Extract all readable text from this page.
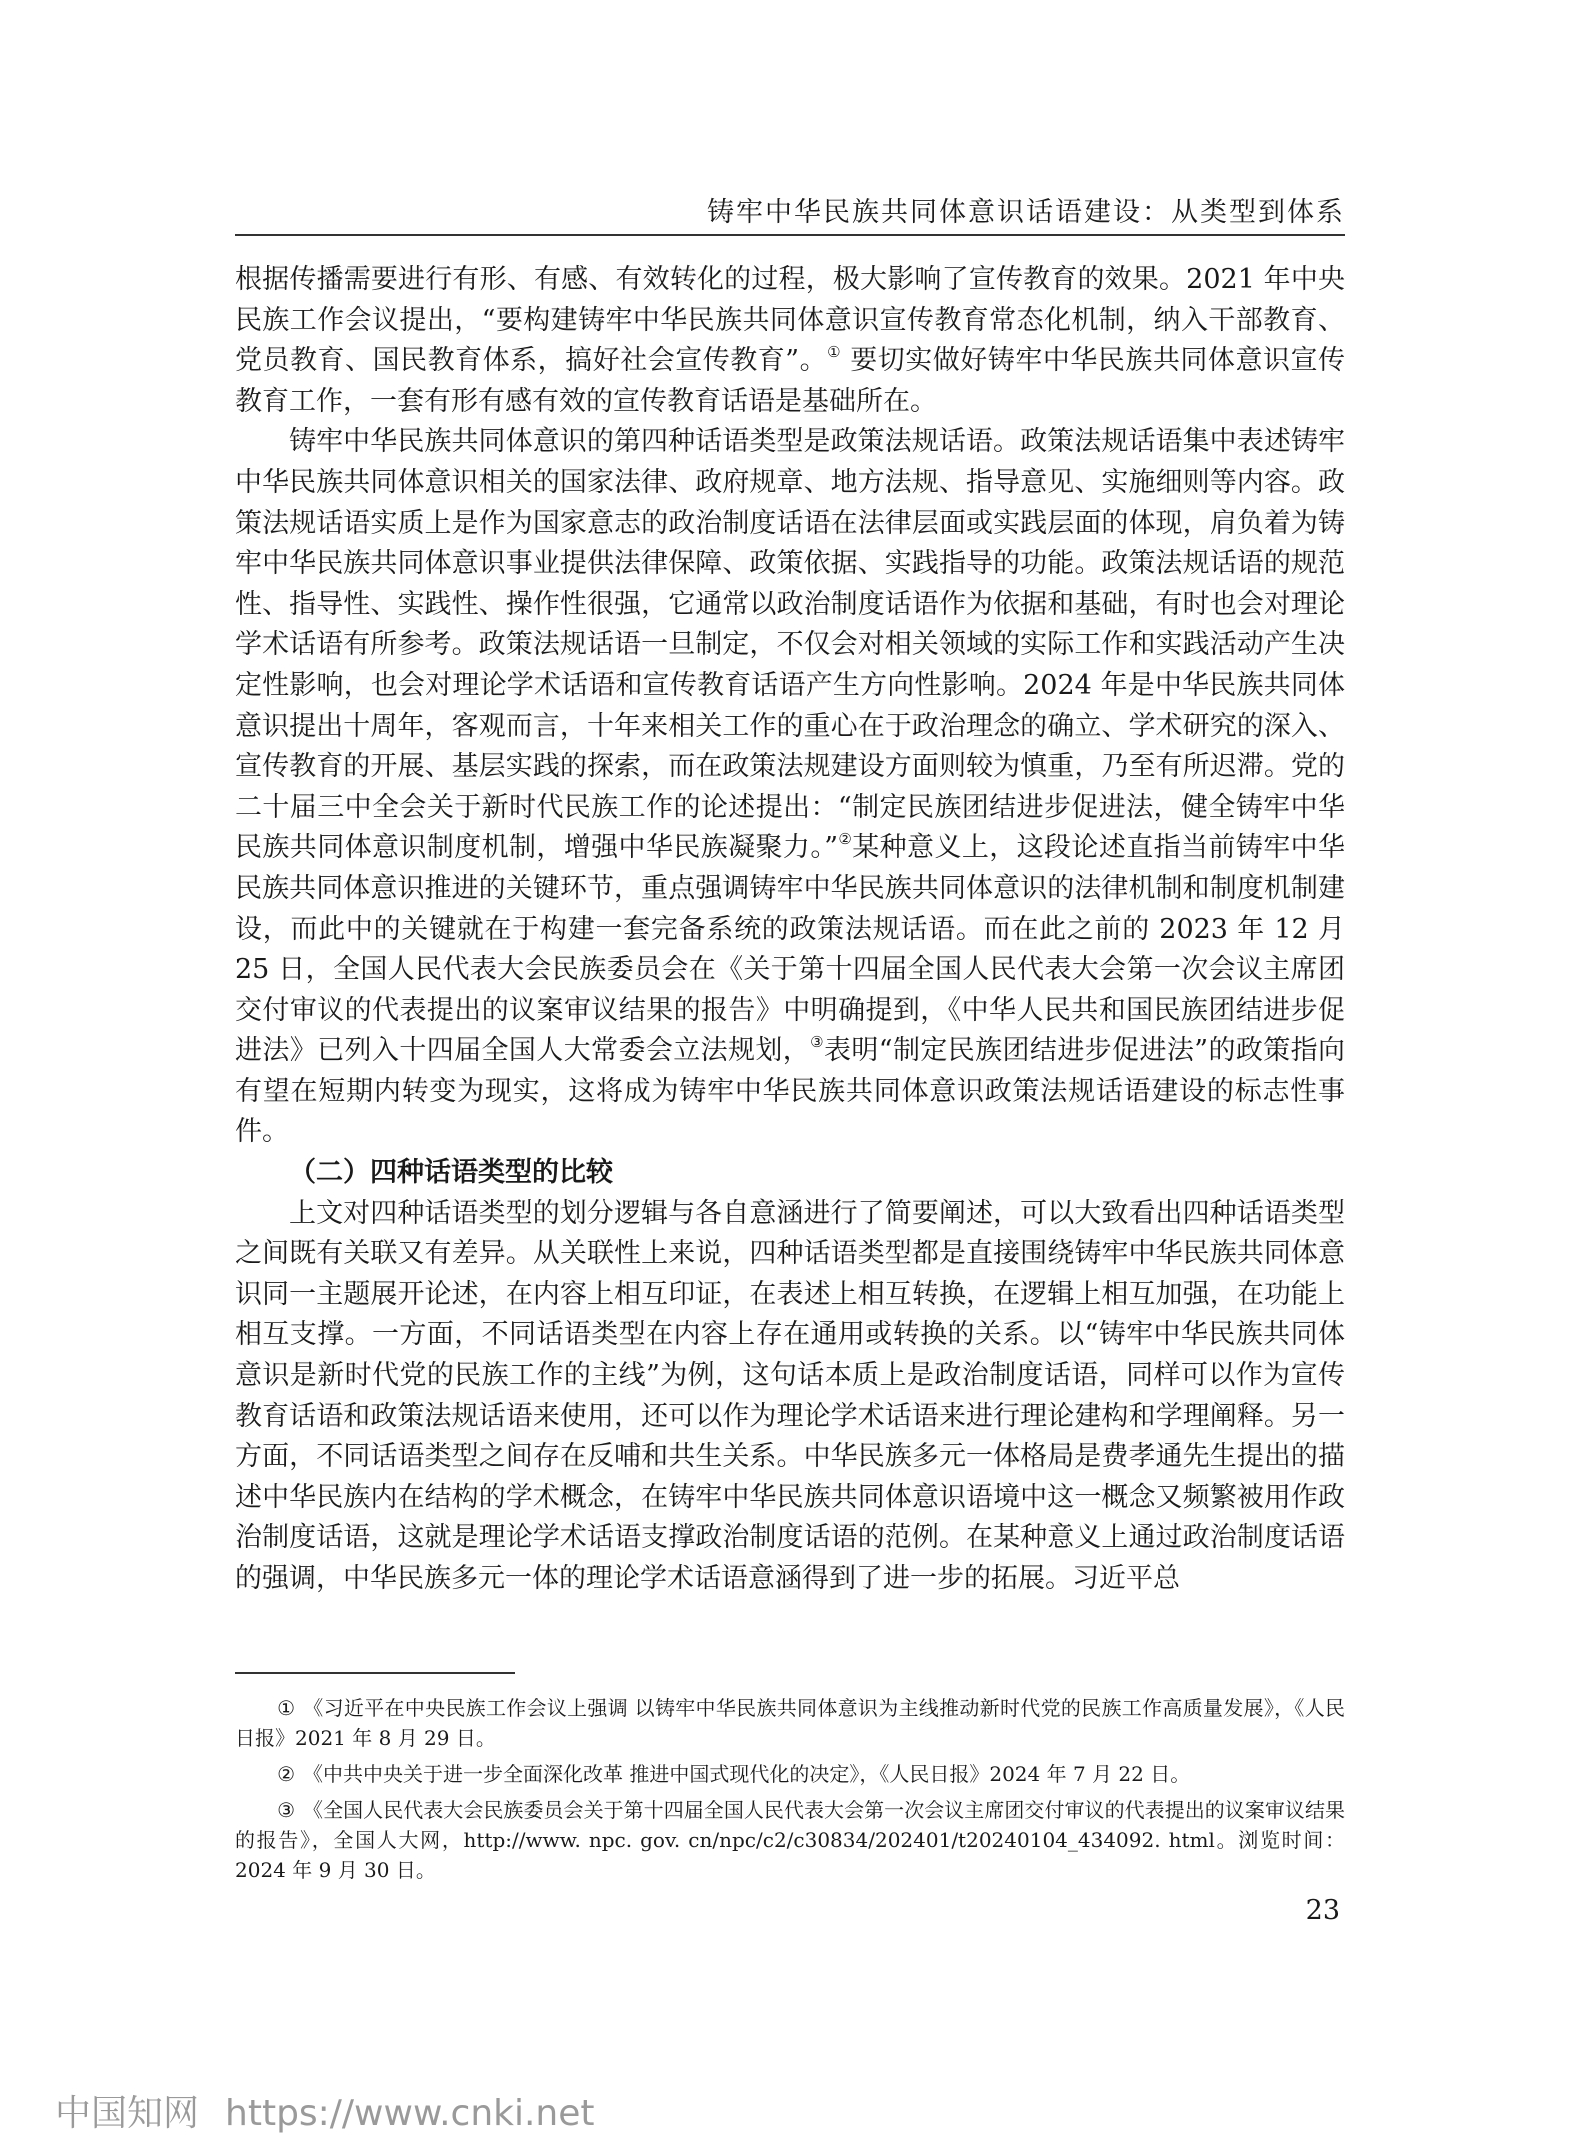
铸牢中华民族共同体意识话语建设：从类型到体系

根据传播需要进行有形、有感、有效转化的过程，极大影响了宣传教育的效果。2021 年中央民族工作会议提出，“要构建铸牢中华民族共同体意识宣传教育常态化机制，纳入干部教育、党员教育、国民教育体系，搞好社会宣传教育”。① 要切实做好铸牢中华民族共同体意识宣传教育工作，一套有形有感有效的宣传教育话语是基础所在。

铸牢中华民族共同体意识的第四种话语类型是政策法规话语。政策法规话语集中表述铸牢中华民族共同体意识相关的国家法律、政府规章、地方法规、指导意见、实施细则等内容。政策法规话语实质上是作为国家意志的政治制度话语在法律层面或实践层面的体现，肩负着为铸牢中华民族共同体意识事业提供法律保障、政策依据、实践指导的功能。政策法规话语的规范性、指导性、实践性、操作性很强，它通常以政治制度话语作为依据和基础，有时也会对理论学术话语有所参考。政策法规话语一旦制定，不仅会对相关领域的实际工作和实践活动产生决定性影响，也会对理论学术话语和宣传教育话语产生方向性影响。2024 年是中华民族共同体意识提出十周年，客观而言，十年来相关工作的重心在于政治理念的确立、学术研究的深入、宣传教育的开展、基层实践的探索，而在政策法规建设方面则较为慎重，乃至有所迟滞。党的二十届三中全会关于新时代民族工作的论述提出：“制定民族团结进步促进法，健全铸牢中华民族共同体意识制度机制，增强中华民族凝聚力。”②某种意义上，这段论述直指当前铸牢中华民族共同体意识推进的关键环节，重点强调铸牢中华民族共同体意识的法律机制和制度机制建设，而此中的关键就在于构建一套完备系统的政策法规话语。而在此之前的 2023 年 12 月 25 日，全国人民代表大会民族委员会在《关于第十四届全国人民代表大会第一次会议主席团交付审议的代表提出的议案审议结果的报告》中明确提到，《中华人民共和国民族团结进步促进法》已列入十四届全国人大常委会立法规划，③表明“制定民族团结进步促进法”的政策指向有望在短期内转变为现实，这将成为铸牢中华民族共同体意识政策法规话语建设的标志性事件。

（二）四种话语类型的比较

上文对四种话语类型的划分逻辑与各自意涵进行了简要阐述，可以大致看出四种话语类型之间既有关联又有差异。从关联性上来说，四种话语类型都是直接围绕铸牢中华民族共同体意识同一主题展开论述，在内容上相互印证，在表述上相互转换，在逻辑上相互加强，在功能上相互支撑。一方面，不同话语类型在内容上存在通用或转换的关系。以“铸牢中华民族共同体意识是新时代党的民族工作的主线”为例，这句话本质上是政治制度话语，同样可以作为宣传教育话语和政策法规话语来使用，还可以作为理论学术话语来进行理论建构和学理阐释。另一方面，不同话语类型之间存在反哺和共生关系。中华民族多元一体格局是费孝通先生提出的描述中华民族内在结构的学术概念，在铸牢中华民族共同体意识语境中这一概念又频繁被用作政治制度话语，这就是理论学术话语支撑政治制度话语的范例。在某种意义上通过政治制度话语的强调，中华民族多元一体的理论学术话语意涵得到了进一步的拓展。习近平总

① 《习近平在中央民族工作会议上强调 以铸牢中华民族共同体意识为主线推动新时代党的民族工作高质量发展》，《人民日报》2021 年 8 月 29 日。
② 《中共中央关于进一步全面深化改革 推进中国式现代化的决定》，《人民日报》2024 年 7 月 22 日。
③ 《全国人民代表大会民族委员会关于第十四届全国人民代表大会第一次会议主席团交付审议的代表提出的议案审议结果的报告》，全国人大网，http://www. npc. gov. cn/npc/c2/c30834/202401/t20240104_434092. html。浏览时间：2024 年 9 月 30 日。
23
中国知网 https://www.cnki.net
